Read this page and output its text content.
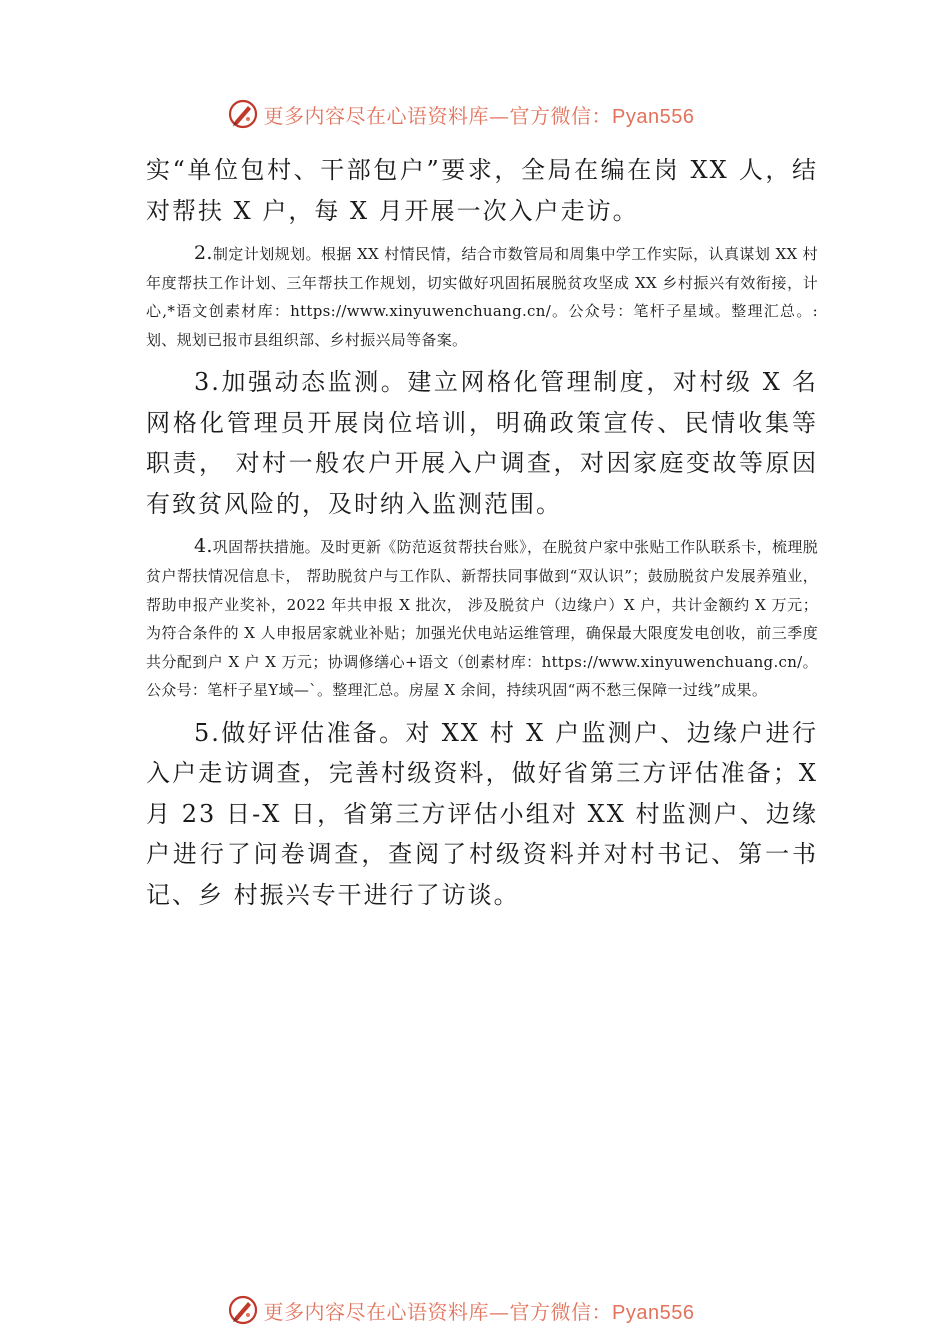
更多内容尽在心语资料库—官方微信：Pyan556

实“单位包村、干部包户”要求，全局在编在岗 XX 人，结对帮扶 X 户，每 X 月开展一次入户走访。

2.制定计划规划。根据 XX 村情民情，结合市数管局和周集中学工作实际，认真谋划 XX 村年度帮扶工作计划、三年帮扶工作规划，切实做好巩固拓展脱贫攻坚成 XX 乡村振兴有效衔接，计心,*语文创素材库：https://www.xinyuwenchuang.cn/。公众号：笔杆子星域。整理汇总。:划、规划已报市县组织部、乡村振兴局等备案。

3.加强动态监测。建立网格化管理制度，对村级 X 名网格化管理员开展岗位培训，明确政策宣传、民情收集等职责， 对村一般农户开展入户调查，对因家庭变故等原因有致贫风险的，及时纳入监测范围。

4.巩固帮扶措施。及时更新《防范返贫帮扶台账》，在脱贫户家中张贴工作队联系卡，梳理脱贫户帮扶情况信息卡， 帮助脱贫户与工作队、新帮扶同事做到“双认识”；鼓励脱贫户发展养殖业，帮助申报产业奖补，2022 年共申报 X 批次， 涉及脱贫户（边缘户）X 户，共计金额约 X 万元；为符合条件的 X 人申报居家就业补贴；加强光伏电站运维管理，确保最大限度发电创收，前三季度共分配到户 X 户 X 万元；协调修缮心+语文（创素材库：https://www.xinyuwenchuang.cn/。公众号：笔杆子星Y域—`。整理汇总。房屋 X 余间，持续巩固“两不愁三保障一过线”成果。

5.做好评估准备。对 XX 村 X 户监测户、边缘户进行入户走访调查，完善村级资料，做好省第三方评估准备；X 月 23 日-X 日，省第三方评估小组对 XX 村监测户、边缘户进行了问卷调查，查阅了村级资料并对村书记、第一书记、乡 村振兴专干进行了访谈。

更多内容尽在心语资料库—官方微信：Pyan556
